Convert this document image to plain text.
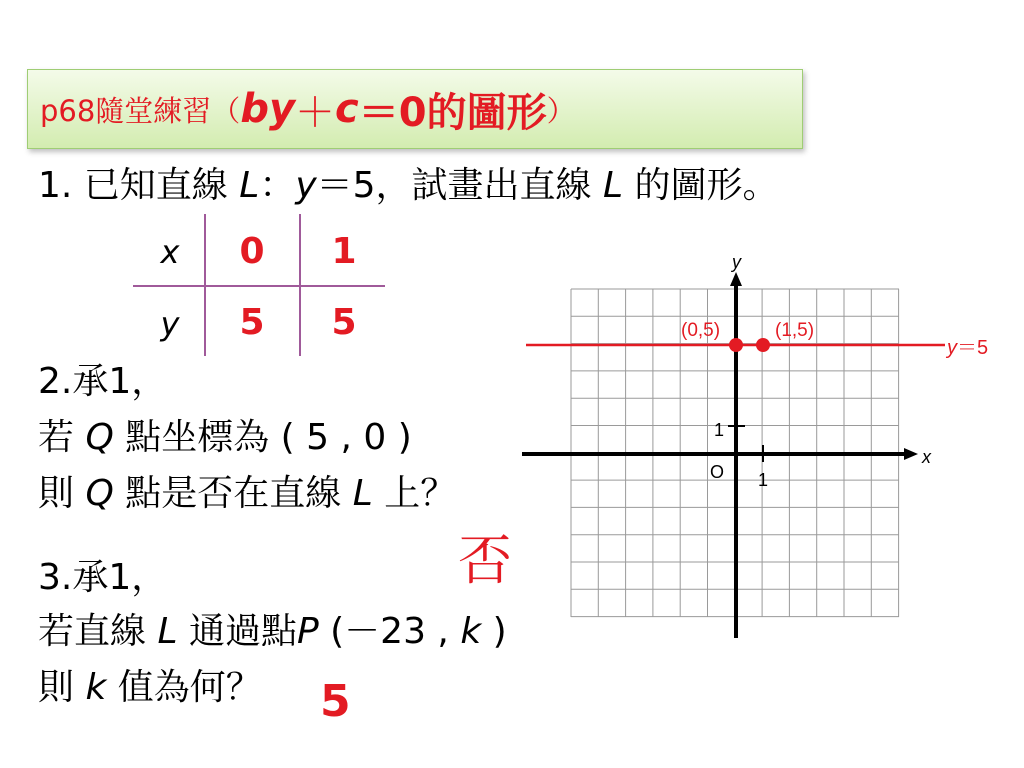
p68隨堂練習（ by ＋ c ＝0 的圖形 ）
1. 已知直線 L：y＝5，試畫出直線 L 的圖形。
x
y
0 1
5 5
2.承1，
若 Q 點坐標為 ( 5 , 0 )
則 Q 點是否在直線 L 上？
否
3.承1，
若直線 L 通過點P (－23 , k )
則 k 值為何？ 5
y
x
O 1
1
(0,5)	(1,5)
y＝5
